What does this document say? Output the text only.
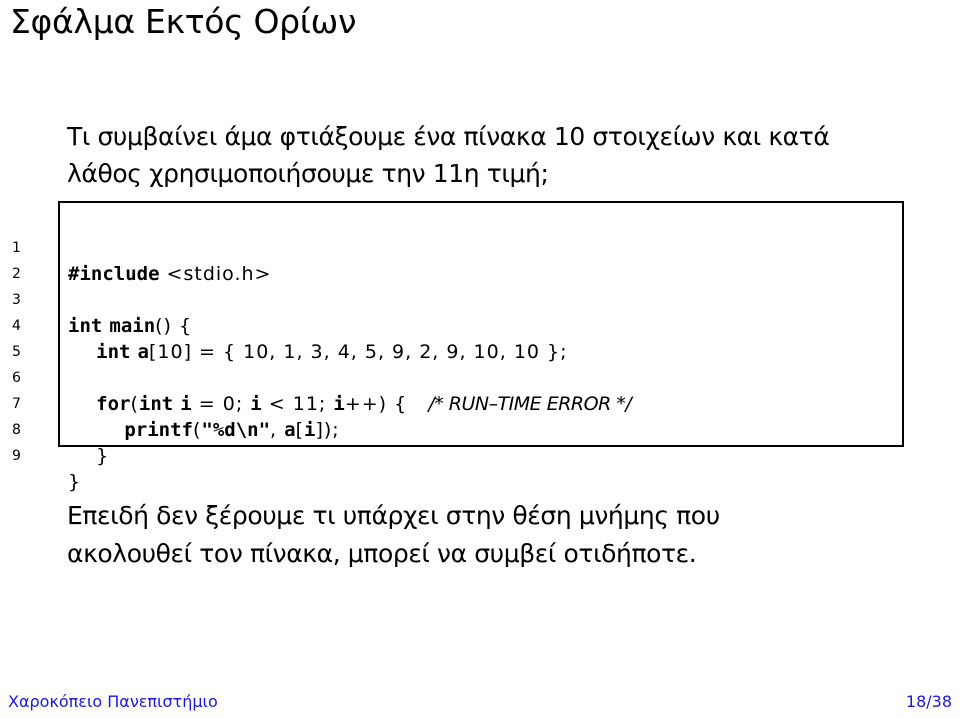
Σφάλμα Εκτός Ορίων

Τι συμβαίνει άμα φτιάξουμε ένα πίνακα 10 στοιχείων και κατά

λάθος χρησιμοποιήσουμε την 11η τιμή;

1

#include <stdio.h>

2

3

int main() {

4

int a[10] = { 10, 1, 3, 4, 5, 9, 2, 9, 10, 10 };

5

6

for(int i = 0; i < 11; i++) {   /* RUN–TIME ERROR */

7

printf("%d\n", a[i]);

8

}

9

}

Επειδή δεν ξέρουμε τι υπάρχει στην θέση μνήμης που

ακολουθεί τον πίνακα, μπορεί να συμβεί οτιδήποτε.

Χαροκόπειο Πανεπιστήμιο	18/38
